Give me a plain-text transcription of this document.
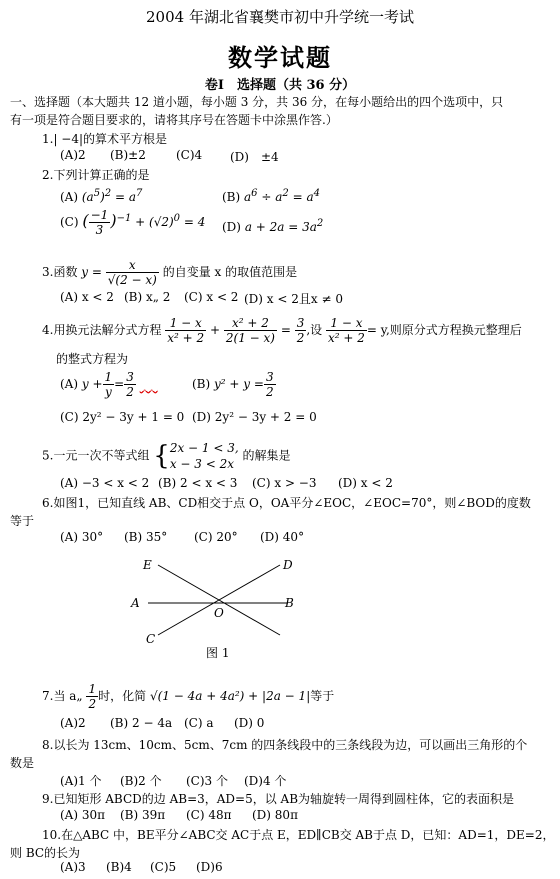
2004 年湖北省襄樊市初中升学统一考试
数学试题
卷Ⅰ　选择题（共 36 分）
一、选择题（本大题共 12 道小题，每小题 3 分，共 36 分，在每小题给出的四个选项中，只
有一项是符合题目要求的，请将其序号在答题卡中涂黑作答.）
1.| −4|的算术平方根是
(A)2 (B)±2	(C)4 (D)　±4
2.下列计算正确的是
(A) $(a^5)^2 = a^7$	(B) $a^6 \div a^2 = a^4$
(C) ( $\frac{-1}{3} )^{-1} + (√2)^0 = 4$ (D) $a + 2a = 3a^2$
3.函数 $y = \frac{x}{√(2 - x)}$ 的自变量 x 的取值范围是
(A) x < 2 (B) x„ 2 (C) x < 2 (D) x < 2且x ≠ 0
4.用换元法解分式方程 $\frac{1 - x}{\text{x² + 2}} + \frac{\text{x² + 2}}{2(1 - x)} = \frac{3}{2}$ ,设 $\frac{1 - x}{\text{x² + 2}} = y$,则原分式方程换元整理后
的整式方程为
(A) $y + \frac{1}{y} = \frac{3}{2}$ ___	(B) $y^2 + y = \frac{3}{2}$
(C) 2y² − 3y + 1 = 0 (D) 2y² − 3y + 2 = 0
5.一元一次不等式组 { 2x − 1 < 3,
x − 3 < 2x
的解集是
(A) −3 < x < 2 (B) 2 < x < 3 (C) x > −3 (D) x < 2
6.如图1，已知直线 AB、CD相交于点 O，OA平分∠EOC，∠EOC=70°，则∠BOD的度数
等于
(A) 30° (B) 35° (C) 20° (D) 40°
E	D
A
O
B
C
图 1
7.当 a„ $\frac{1}{2}$ 时，化简 √(1 − 4a + 4a²) + |2a − 1|等于
(A)2 (B) 2 − 4a (C) a (D) 0
8.以长为 13cm、10cm、5cm、7cm 的四条线段中的三条线段为边，可以画出三角形的个
数是
(A)1 个 (B)2 个 (C)3 个 (D)4 个
9.已知矩形 ABCD的边 AB=3，AD=5，以 AB为轴旋转一周得到圆柱体，它的表面积是
(A) 30π (B) 39π (C) 48π (D) 80π
10.在△ABC 中，BE平分∠ABC交 AC于点 E，ED∥CB交 AB于点 D，已知：AD=1，DE=2，
则 BC的长为
(A)3 (B)4 (C)5 (D)6
